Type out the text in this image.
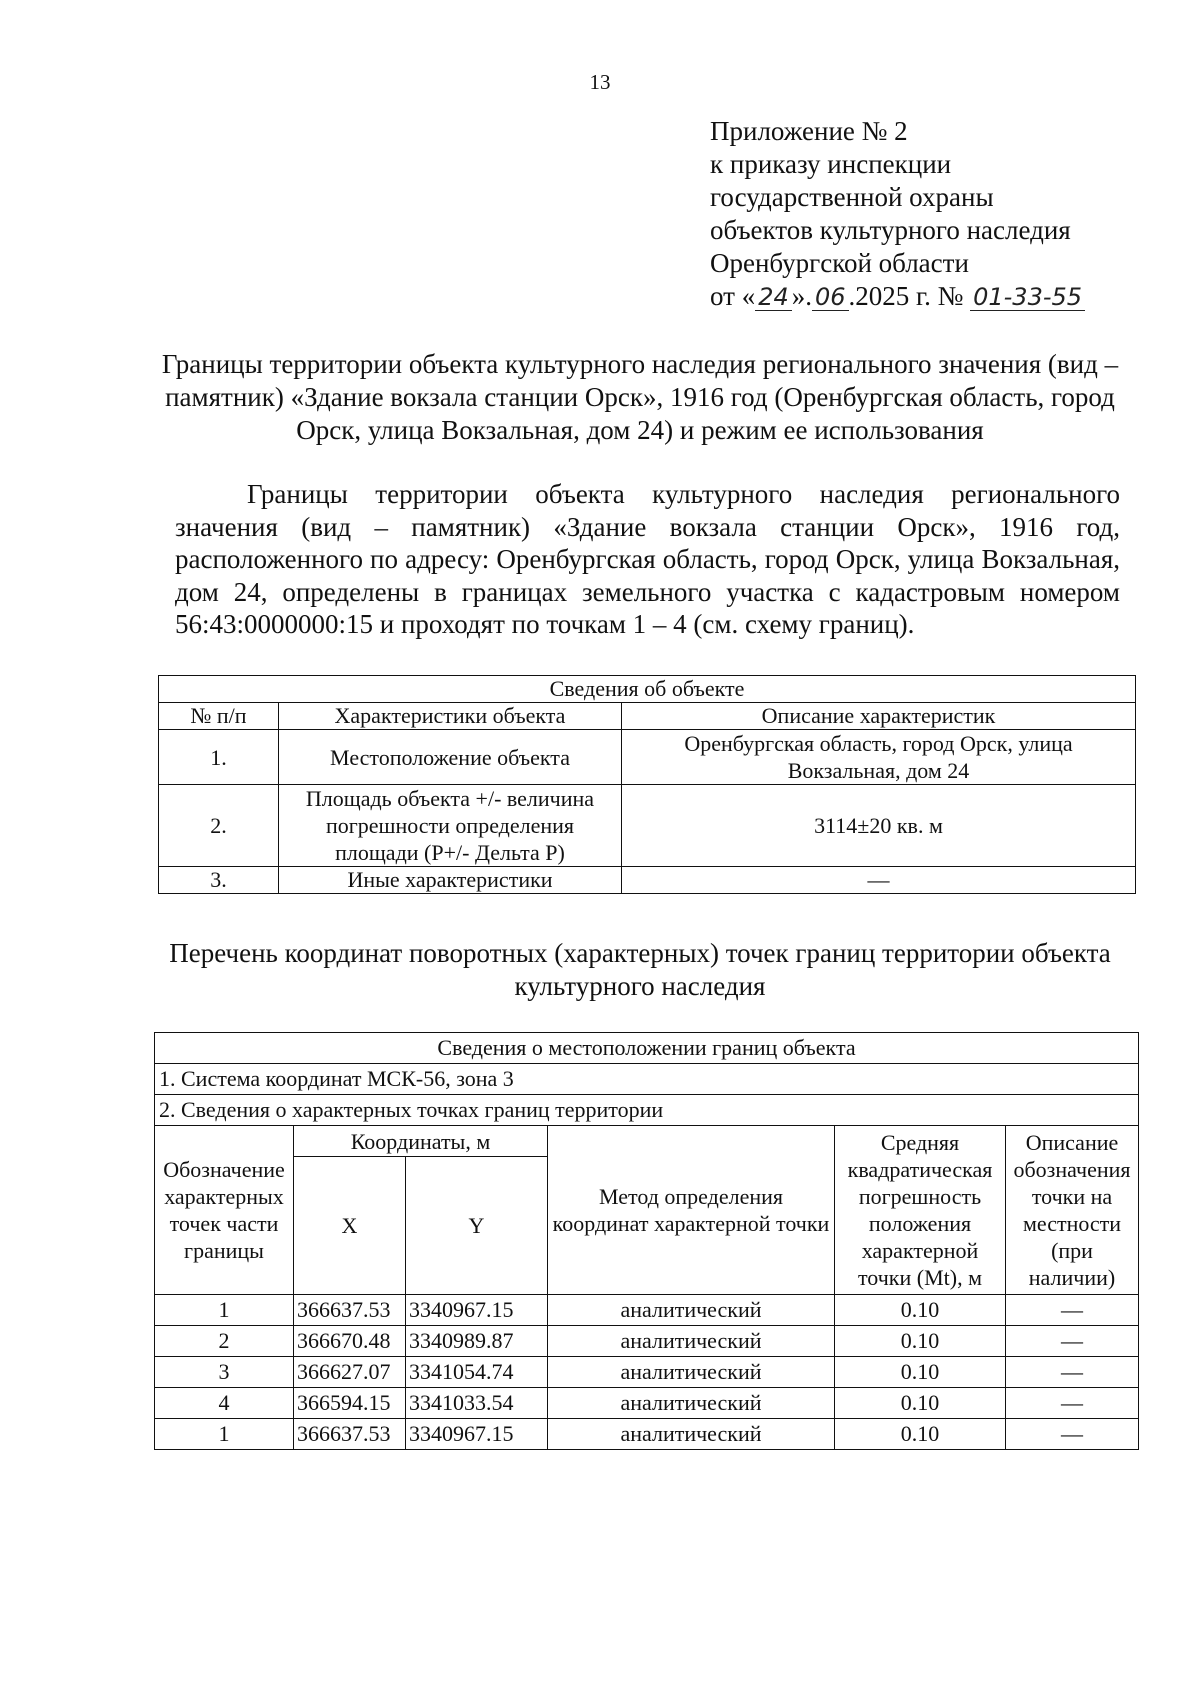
13
Приложение № 2
к приказу инспекции
государственной охраны
объектов культурного наследия
Оренбургской области
от « 24 ». 06 .2025 г. № 01-33-55
Границы территории объекта культурного наследия регионального значения (вид – памятник) «Здание вокзала станции Орск», 1916 год (Оренбургская область, город Орск, улица Вокзальная, дом 24) и режим ее использования
Границы территории объекта культурного наследия регионального значения (вид – памятник) «Здание вокзала станции Орск», 1916 год, расположенного по адресу: Оренбургская область, город Орск, улица Вокзальная, дом 24, определены в границах земельного участка с кадастровым номером 56:43:0000000:15 и проходят по точкам 1 – 4 (см. схему границ).
Сведения об объекте		
№ п/п	Характеристики объекта	Описание характеристик
1.	Местоположение объекта	Оренбургская область, город Орск, улица Вокзальная, дом 24
2.	Площадь объекта +/- величина погрешности определения площади (P+/- Дельта P)	3114±20 кв. м
3.	Иные характеристики	—
Перечень координат поворотных (характерных) точек границ территории объекта культурного наследия
Сведения о местоположении границ объекта					
1. Система координат МСК-56, зона 3					
2. Сведения о характерных точках границ территории					
Обозначение характерных точек части границы	Координаты, м		Метод определения координат характерной точки	Средняя квадратическая погрешность положения характерной точки (Mt), м	Описание обозначения точки на местности (при наличии)
	X	Y			
1	366637.53	3340967.15	аналитический	0.10	—
2	366670.48	3340989.87	аналитический	0.10	—
3	366627.07	3341054.74	аналитический	0.10	—
4	366594.15	3341033.54	аналитический	0.10	—
1	366637.53	3340967.15	аналитический	0.10	—
